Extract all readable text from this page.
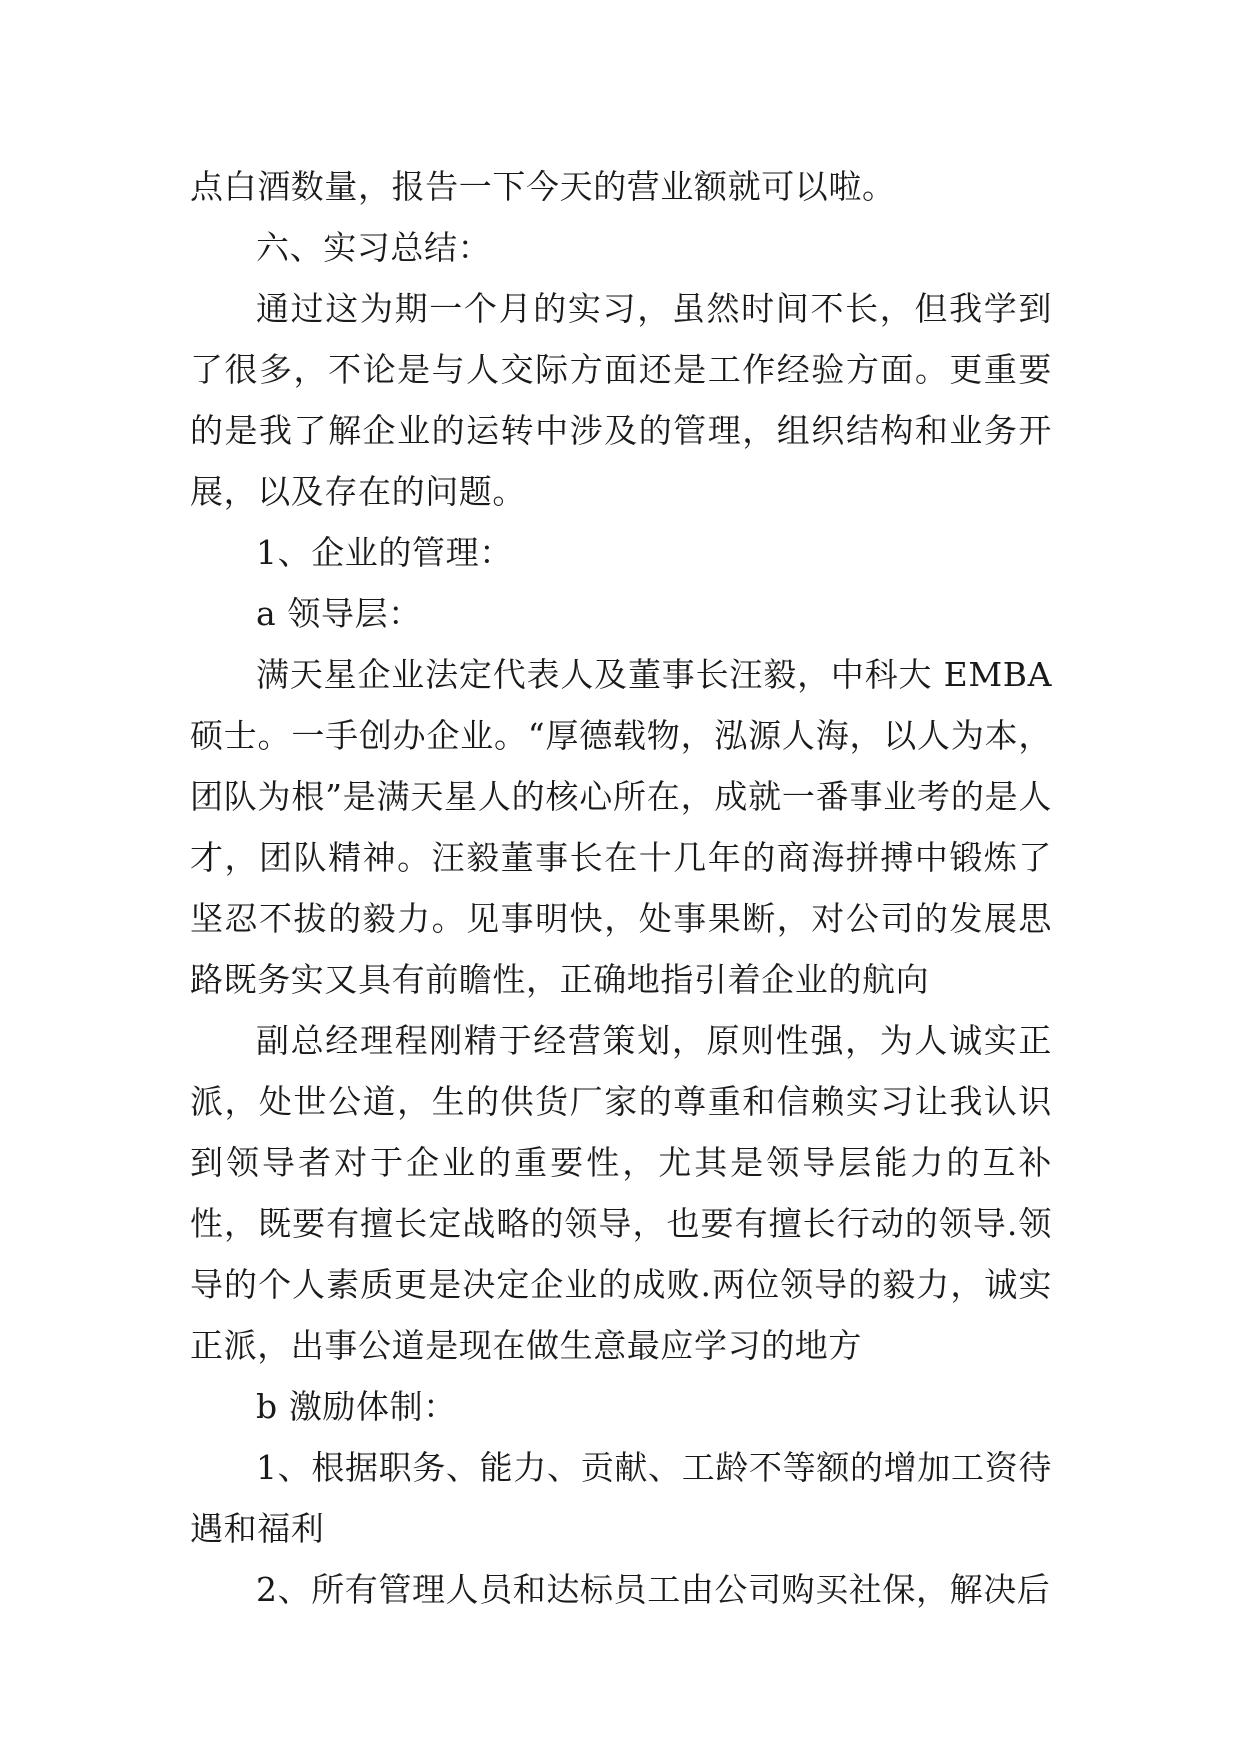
点白酒数量，报告一下今天的营业额就可以啦。

六、实习总结：

通过这为期一个月的实习，虽然时间不长，但我学到了很多，不论是与人交际方面还是工作经验方面。更重要的是我了解企业的运转中涉及的管理，组织结构和业务开展，以及存在的问题。

1、企业的管理：

a 领导层：

满天星企业法定代表人及董事长汪毅，中科大 EMBA 硕士。一手创办企业。“厚德载物，泓源人海，以人为本，团队为根”是满天星人的核心所在，成就一番事业考的是人才，团队精神。汪毅董事长在十几年的商海拼搏中锻炼了坚忍不拔的毅力。见事明快，处事果断，对公司的发展思路既务实又具有前瞻性，正确地指引着企业的航向

副总经理程刚精于经营策划，原则性强，为人诚实正派，处世公道，生的供货厂家的尊重和信赖实习让我认识到领导者对于企业的重要性，尤其是领导层能力的互补性，既要有擅长定战略的领导，也要有擅长行动的领导.领导的个人素质更是决定企业的成败.两位领导的毅力，诚实正派，出事公道是现在做生意最应学习的地方

b 激励体制：

1、根据职务、能力、贡献、工龄不等额的增加工资待遇和福利

2、所有管理人员和达标员工由公司购买社保，解决后
